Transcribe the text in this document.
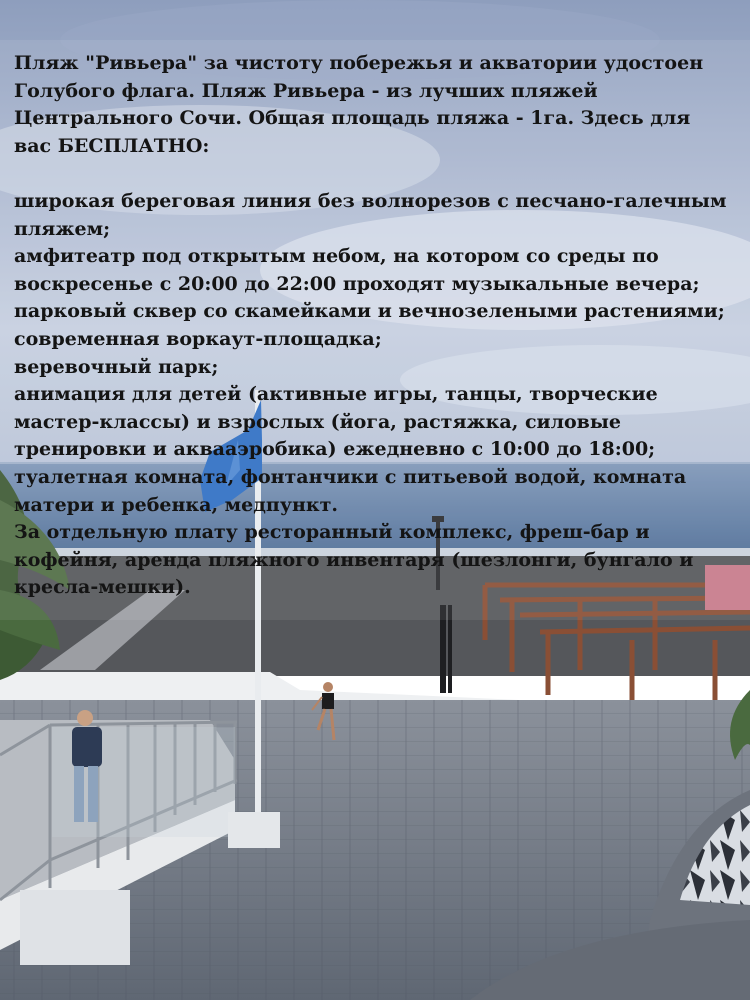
Пляж "Ривьера" за чистоту побережья и акватории удостоен
Голубого флага. Пляж Ривьера - из лучших пляжей
Центрального Сочи. Общая площадь пляжа - 1га. Здесь для
вас БЕСПЛАТНО:

широкая береговая линия без волнорезов с песчано-галечным
пляжем;
амфитеатр под открытым небом, на котором со среды по
воскресенье с 20:00 до 22:00 проходят музыкальные вечера;
парковый сквер со скамейками и вечнозелеными растениями;
современная воркаут-площадка;
веревочный парк;
анимация для детей (активные игры, танцы, творческие
мастер-классы) и взрослых (йога, растяжка, силовые
тренировки и аквааэробика) ежедневно с 10:00 до 18:00;
туалетная комната, фонтанчики с питьевой водой, комната
матери и ребенка, медпункт.
За отдельную плату ресторанный комплекс, фреш-бар и
кофейня, аренда пляжного инвентаря (шезлонги, бунгало и
кресла-мешки).
